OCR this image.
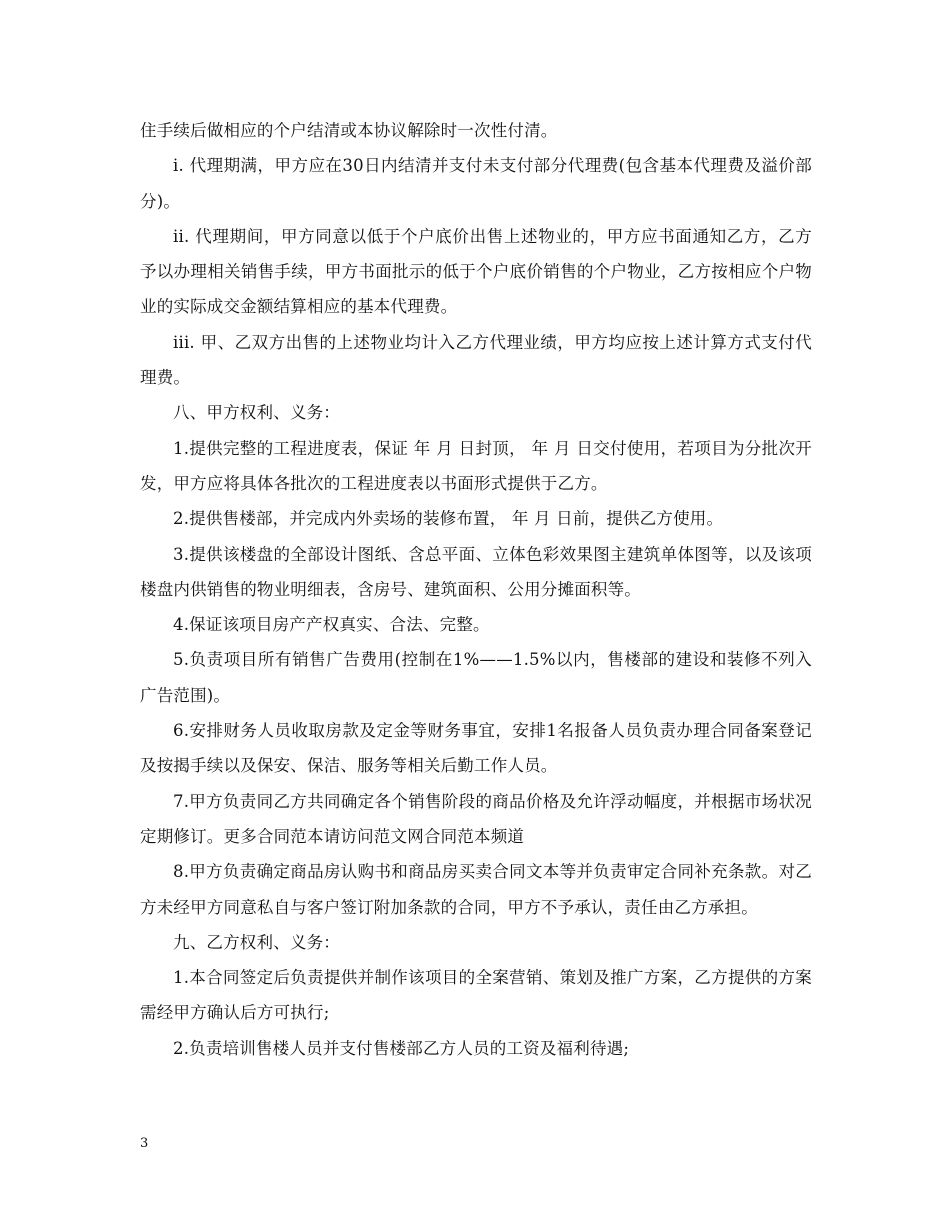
住手续后做相应的个户结清或本协议解除时一次性付清。

i. 代理期满，甲方应在30日内结清并支付未支付部分代理费(包含基本代理费及溢价部分)。

ii. 代理期间，甲方同意以低于个户底价出售上述物业的，甲方应书面通知乙方，乙方予以办理相关销售手续，甲方书面批示的低于个户底价销售的个户物业，乙方按相应个户物业的实际成交金额结算相应的基本代理费。

iii. 甲、乙双方出售的上述物业均计入乙方代理业绩，甲方均应按上述计算方式支付代理费。

八、甲方权利、义务：

1.提供完整的工程进度表，保证 年 月 日封顶， 年 月 日交付使用，若项目为分批次开发，甲方应将具体各批次的工程进度表以书面形式提供于乙方。

2.提供售楼部，并完成内外卖场的装修布置， 年 月 日前，提供乙方使用。

3.提供该楼盘的全部设计图纸、含总平面、立体色彩效果图主建筑单体图等，以及该项楼盘内供销售的物业明细表，含房号、建筑面积、公用分摊面积等。

4.保证该项目房产产权真实、合法、完整。

5.负责项目所有销售广告费用(控制在1%——1.5%以内，售楼部的建设和装修不列入广告范围)。

6.安排财务人员收取房款及定金等财务事宜，安排1名报备人员负责办理合同备案登记及按揭手续以及保安、保洁、服务等相关后勤工作人员。

7.甲方负责同乙方共同确定各个销售阶段的商品价格及允许浮动幅度，并根据市场状况定期修订。更多合同范本请访问范文网合同范本频道

8.甲方负责确定商品房认购书和商品房买卖合同文本等并负责审定合同补充条款。对乙方未经甲方同意私自与客户签订附加条款的合同，甲方不予承认，责任由乙方承担。

九、乙方权利、义务：

1.本合同签定后负责提供并制作该项目的全案营销、策划及推广方案，乙方提供的方案需经甲方确认后方可执行;

2.负责培训售楼人员并支付售楼部乙方人员的工资及福利待遇;

3
